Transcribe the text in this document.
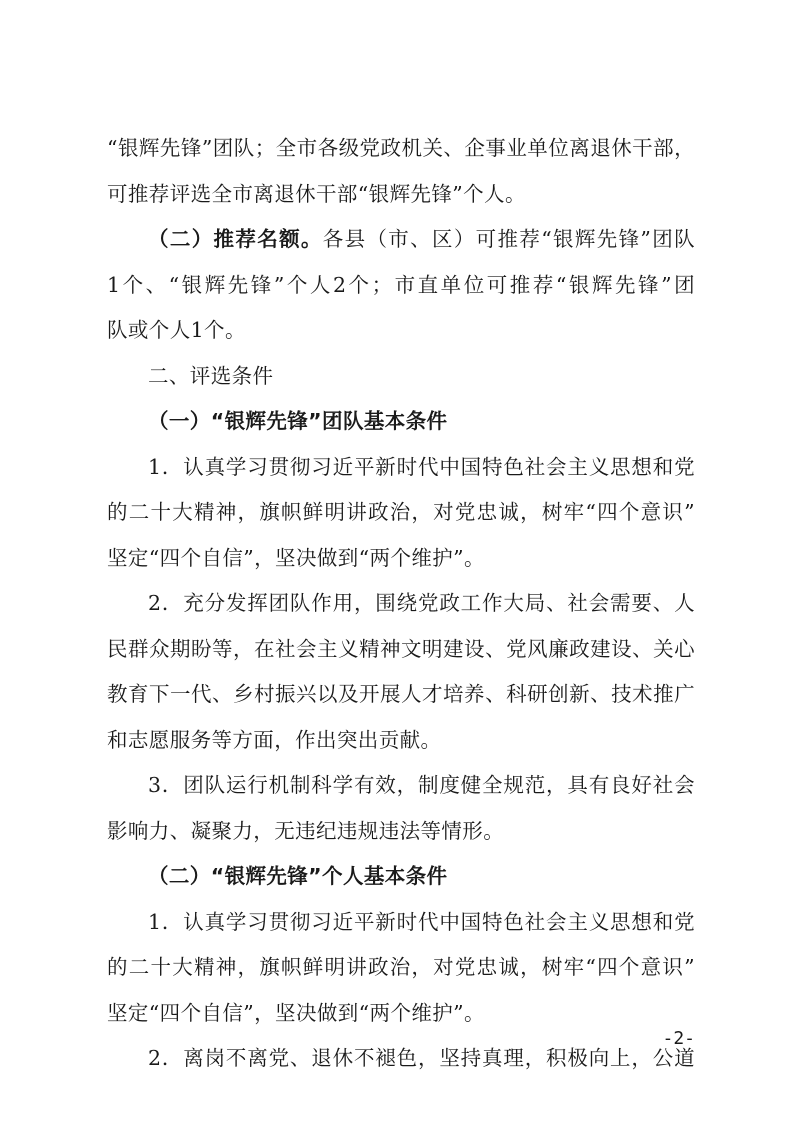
“银辉先锋”团队；全市各级党政机关、企事业单位离退休干部，
可推荐评选全市离退休干部“银辉先锋”个人。
（二）推荐名额。各县（市、区）可推荐“银辉先锋”团队
1个、“银辉先锋”个人2个；市直单位可推荐“银辉先锋”团
队或个人1个。
二、评选条件
（一）“银辉先锋”团队基本条件
1．认真学习贯彻习近平新时代中国特色社会主义思想和党
的二十大精神，旗帜鲜明讲政治，对党忠诚，树牢“四个意识”
坚定“四个自信”，坚决做到“两个维护”。
2．充分发挥团队作用，围绕党政工作大局、社会需要、人
民群众期盼等，在社会主义精神文明建设、党风廉政建设、关心
教育下一代、乡村振兴以及开展人才培养、科研创新、技术推广
和志愿服务等方面，作出突出贡献。
3．团队运行机制科学有效，制度健全规范，具有良好社会
影响力、凝聚力，无违纪违规违法等情形。
（二）“银辉先锋”个人基本条件
1．认真学习贯彻习近平新时代中国特色社会主义思想和党
的二十大精神，旗帜鲜明讲政治，对党忠诚，树牢“四个意识”
坚定“四个自信”，坚决做到“两个维护”。
2．离岗不离党、退休不褪色，坚持真理，积极向上，公道
-2-
